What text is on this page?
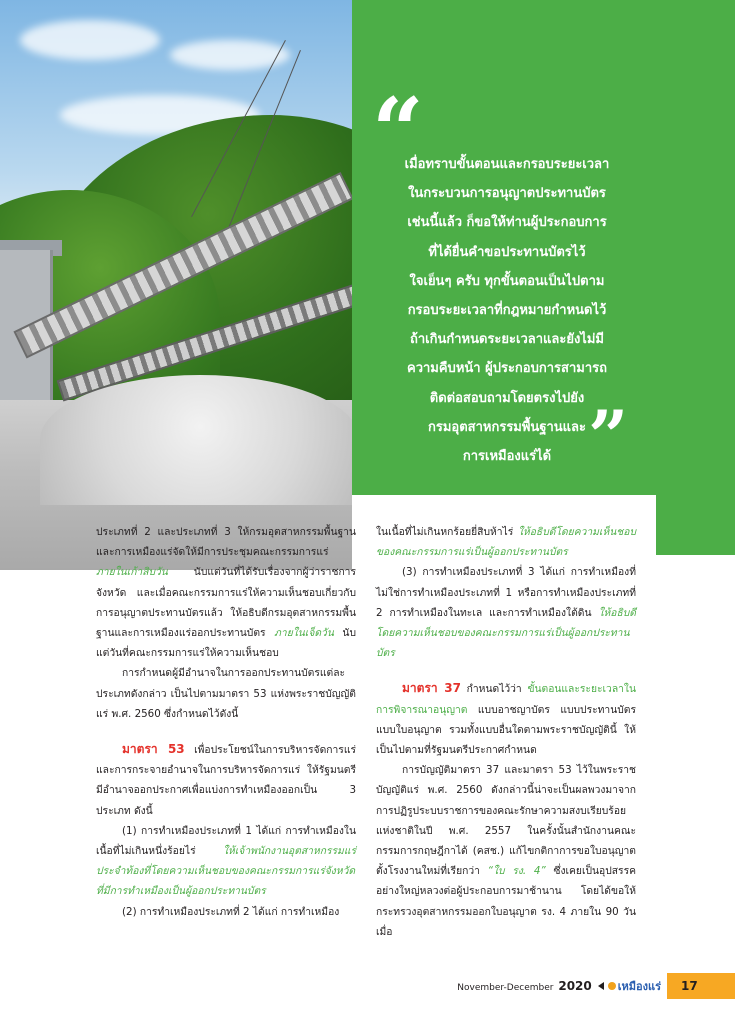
“

เมื่อทราบขั้นตอนและกรอบระยะเวลา
ในกระบวนการอนุญาตประทานบัตร
เช่นนี้แล้ว ก็ขอให้ท่านผู้ประกอบการ
ที่ได้ยื่นคำขอประทานบัตรไว้
ใจเย็นๆ ครับ ทุกขั้นตอนเป็นไปตาม
กรอบระยะเวลาที่กฎหมายกำหนดไว้
ถ้าเกินกำหนดระยะเวลาและยังไม่มี
ความคืบหน้า ผู้ประกอบการสามารถ
ติดต่อสอบถามโดยตรงไปยัง
กรมอุตสาหกรรมพื้นฐานและ
การเหมืองแร่ได้ ”

ประเภทที่ 2 และประเภทที่ 3 ให้กรมอุตสาหกรรมพื้นฐานและการเหมืองแร่จัดให้มีการประชุมคณะกรรมการแร่ ภายในเก้าสิบวัน นับแต่วันที่ได้รับเรื่องจากผู้ว่าราชการจังหวัด และเมื่อคณะกรรมการแร่ให้ความเห็นชอบเกี่ยวกับการอนุญาตประทานบัตรแล้ว ให้อธิบดีกรมอุตสาหกรรมพื้นฐานและการเหมืองแร่ออกประทานบัตร ภายในเจ็ดวัน นับแต่วันที่คณะกรรมการแร่ให้ความเห็นชอบ

การกำหนดผู้มีอำนาจในการออกประทานบัตรแต่ละประเภทดังกล่าว เป็นไปตามมาตรา 53 แห่งพระราชบัญญัติแร่ พ.ศ. 2560 ซึ่งกำหนดไว้ดังนี้

มาตรา 53 เพื่อประโยชน์ในการบริหารจัดการแร่และการกระจายอำนาจในการบริหารจัดการแร่ ให้รัฐมนตรีมีอำนาจออกประกาศเพื่อแบ่งการทำเหมืองออกเป็น 3 ประเภท ดังนี้

(1) การทำเหมืองประเภทที่ 1 ได้แก่ การทำเหมืองในเนื้อที่ไม่เกินหนึ่งร้อยไร่ ให้เจ้าพนักงานอุตสาหกรรมแร่ประจำท้องที่โดยความเห็นชอบของคณะกรรมการแร่จังหวัดที่มีการทำเหมืองเป็นผู้ออกประทานบัตร

(2) การทำเหมืองประเภทที่ 2 ได้แก่ การทำเหมือง

ในเนื้อที่ไม่เกินหกร้อยยี่สิบห้าไร่ ให้อธิบดีโดยความเห็นชอบของคณะกรรมการแร่เป็นผู้ออกประทานบัตร

(3) การทำเหมืองประเภทที่ 3 ได้แก่ การทำเหมืองที่ไม่ใช่การทำเหมืองประเภทที่ 1 หรือการทำเหมืองประเภทที่ 2 การทำเหมืองในทะเล และการทำเหมืองใต้ดิน ให้อธิบดีโดยความเห็นชอบของคณะกรรมการแร่เป็นผู้ออกประทานบัตร

มาตรา 37 กำหนดไว้ว่า ขั้นตอนและระยะเวลาในการพิจารณาอนุญาต แบบอาชญาบัตร แบบประทานบัตร แบบใบอนุญาต รวมทั้งแบบอื่นใดตามพระราชบัญญัตินี้ ให้เป็นไปตามที่รัฐมนตรีประกาศกำหนด

การบัญญัติมาตรา 37 และมาตรา 53 ไว้ในพระราชบัญญัติแร่ พ.ศ. 2560 ดังกล่าวนี้น่าจะเป็นผลพวงมาจากการปฏิรูประบบราชการของคณะรักษาความสงบเรียบร้อยแห่งชาติในปี พ.ศ. 2557 ในครั้งนั้นสำนักงานคณะกรรมการกฤษฎีกาได้ (คสช.) แก้ไขกติกาการขอใบอนุญาตตั้งโรงงานใหม่ที่เรียกว่า “ใบ รง. 4” ซึ่งเคยเป็นอุปสรรคอย่างใหญ่หลวงต่อผู้ประกอบการมาช้านาน โดยได้ขอให้กระทรวงอุตสาหกรรมออกใบอนุญาต รง. 4 ภายใน 90 วัน เมื่อ

November-December 2020 เหมืองแร่	17
